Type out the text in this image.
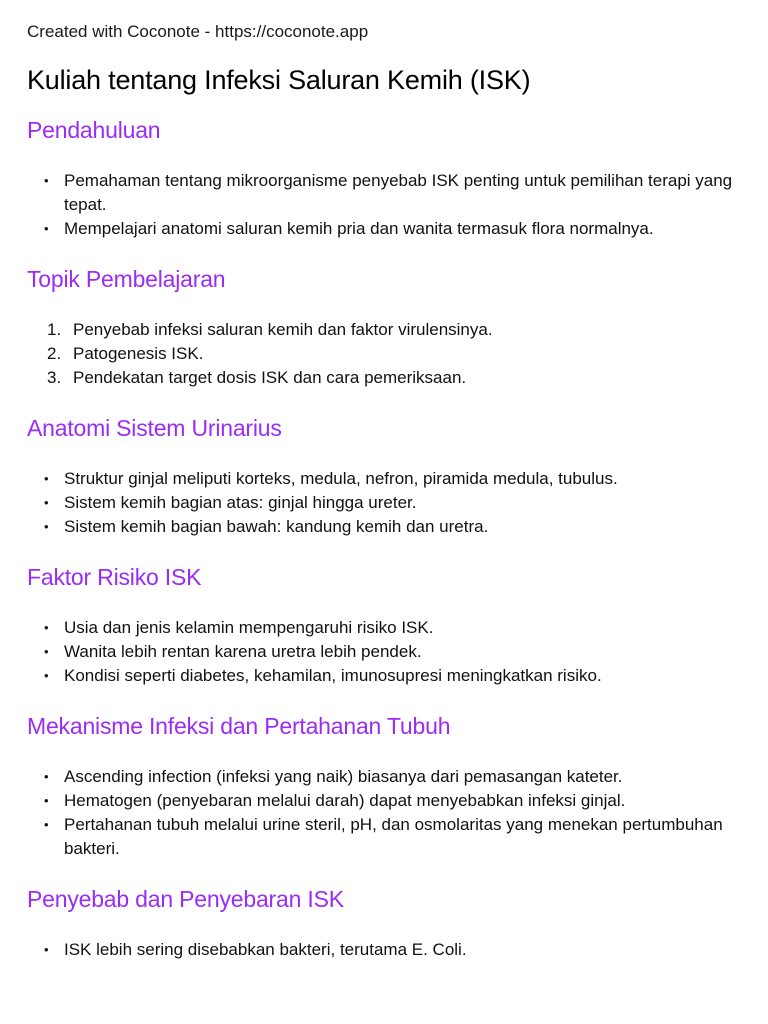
Created with Coconote - https://coconote.app

Kuliah tentang Infeksi Saluran Kemih (ISK)
Pendahuluan
• Pemahaman tentang mikroorganisme penyebab ISK penting untuk pemilihan terapi yang tepat.
• Mempelajari anatomi saluran kemih pria dan wanita termasuk flora normalnya.
Topik Pembelajaran
1. Penyebab infeksi saluran kemih dan faktor virulensinya.
2. Patogenesis ISK.
3. Pendekatan target dosis ISK dan cara pemeriksaan.
Anatomi Sistem Urinarius
• Struktur ginjal meliputi korteks, medula, nefron, piramida medula, tubulus.
• Sistem kemih bagian atas: ginjal hingga ureter.
• Sistem kemih bagian bawah: kandung kemih dan uretra.
Faktor Risiko ISK
• Usia dan jenis kelamin mempengaruhi risiko ISK.
• Wanita lebih rentan karena uretra lebih pendek.
• Kondisi seperti diabetes, kehamilan, imunosupresi meningkatkan risiko.
Mekanisme Infeksi dan Pertahanan Tubuh
• Ascending infection (infeksi yang naik) biasanya dari pemasangan kateter.
• Hematogen (penyebaran melalui darah) dapat menyebabkan infeksi ginjal.
• Pertahanan tubuh melalui urine steril, pH, dan osmolaritas yang menekan pertumbuhan bakteri.
Penyebab dan Penyebaran ISK
• ISK lebih sering disebabkan bakteri, terutama E. Coli.
